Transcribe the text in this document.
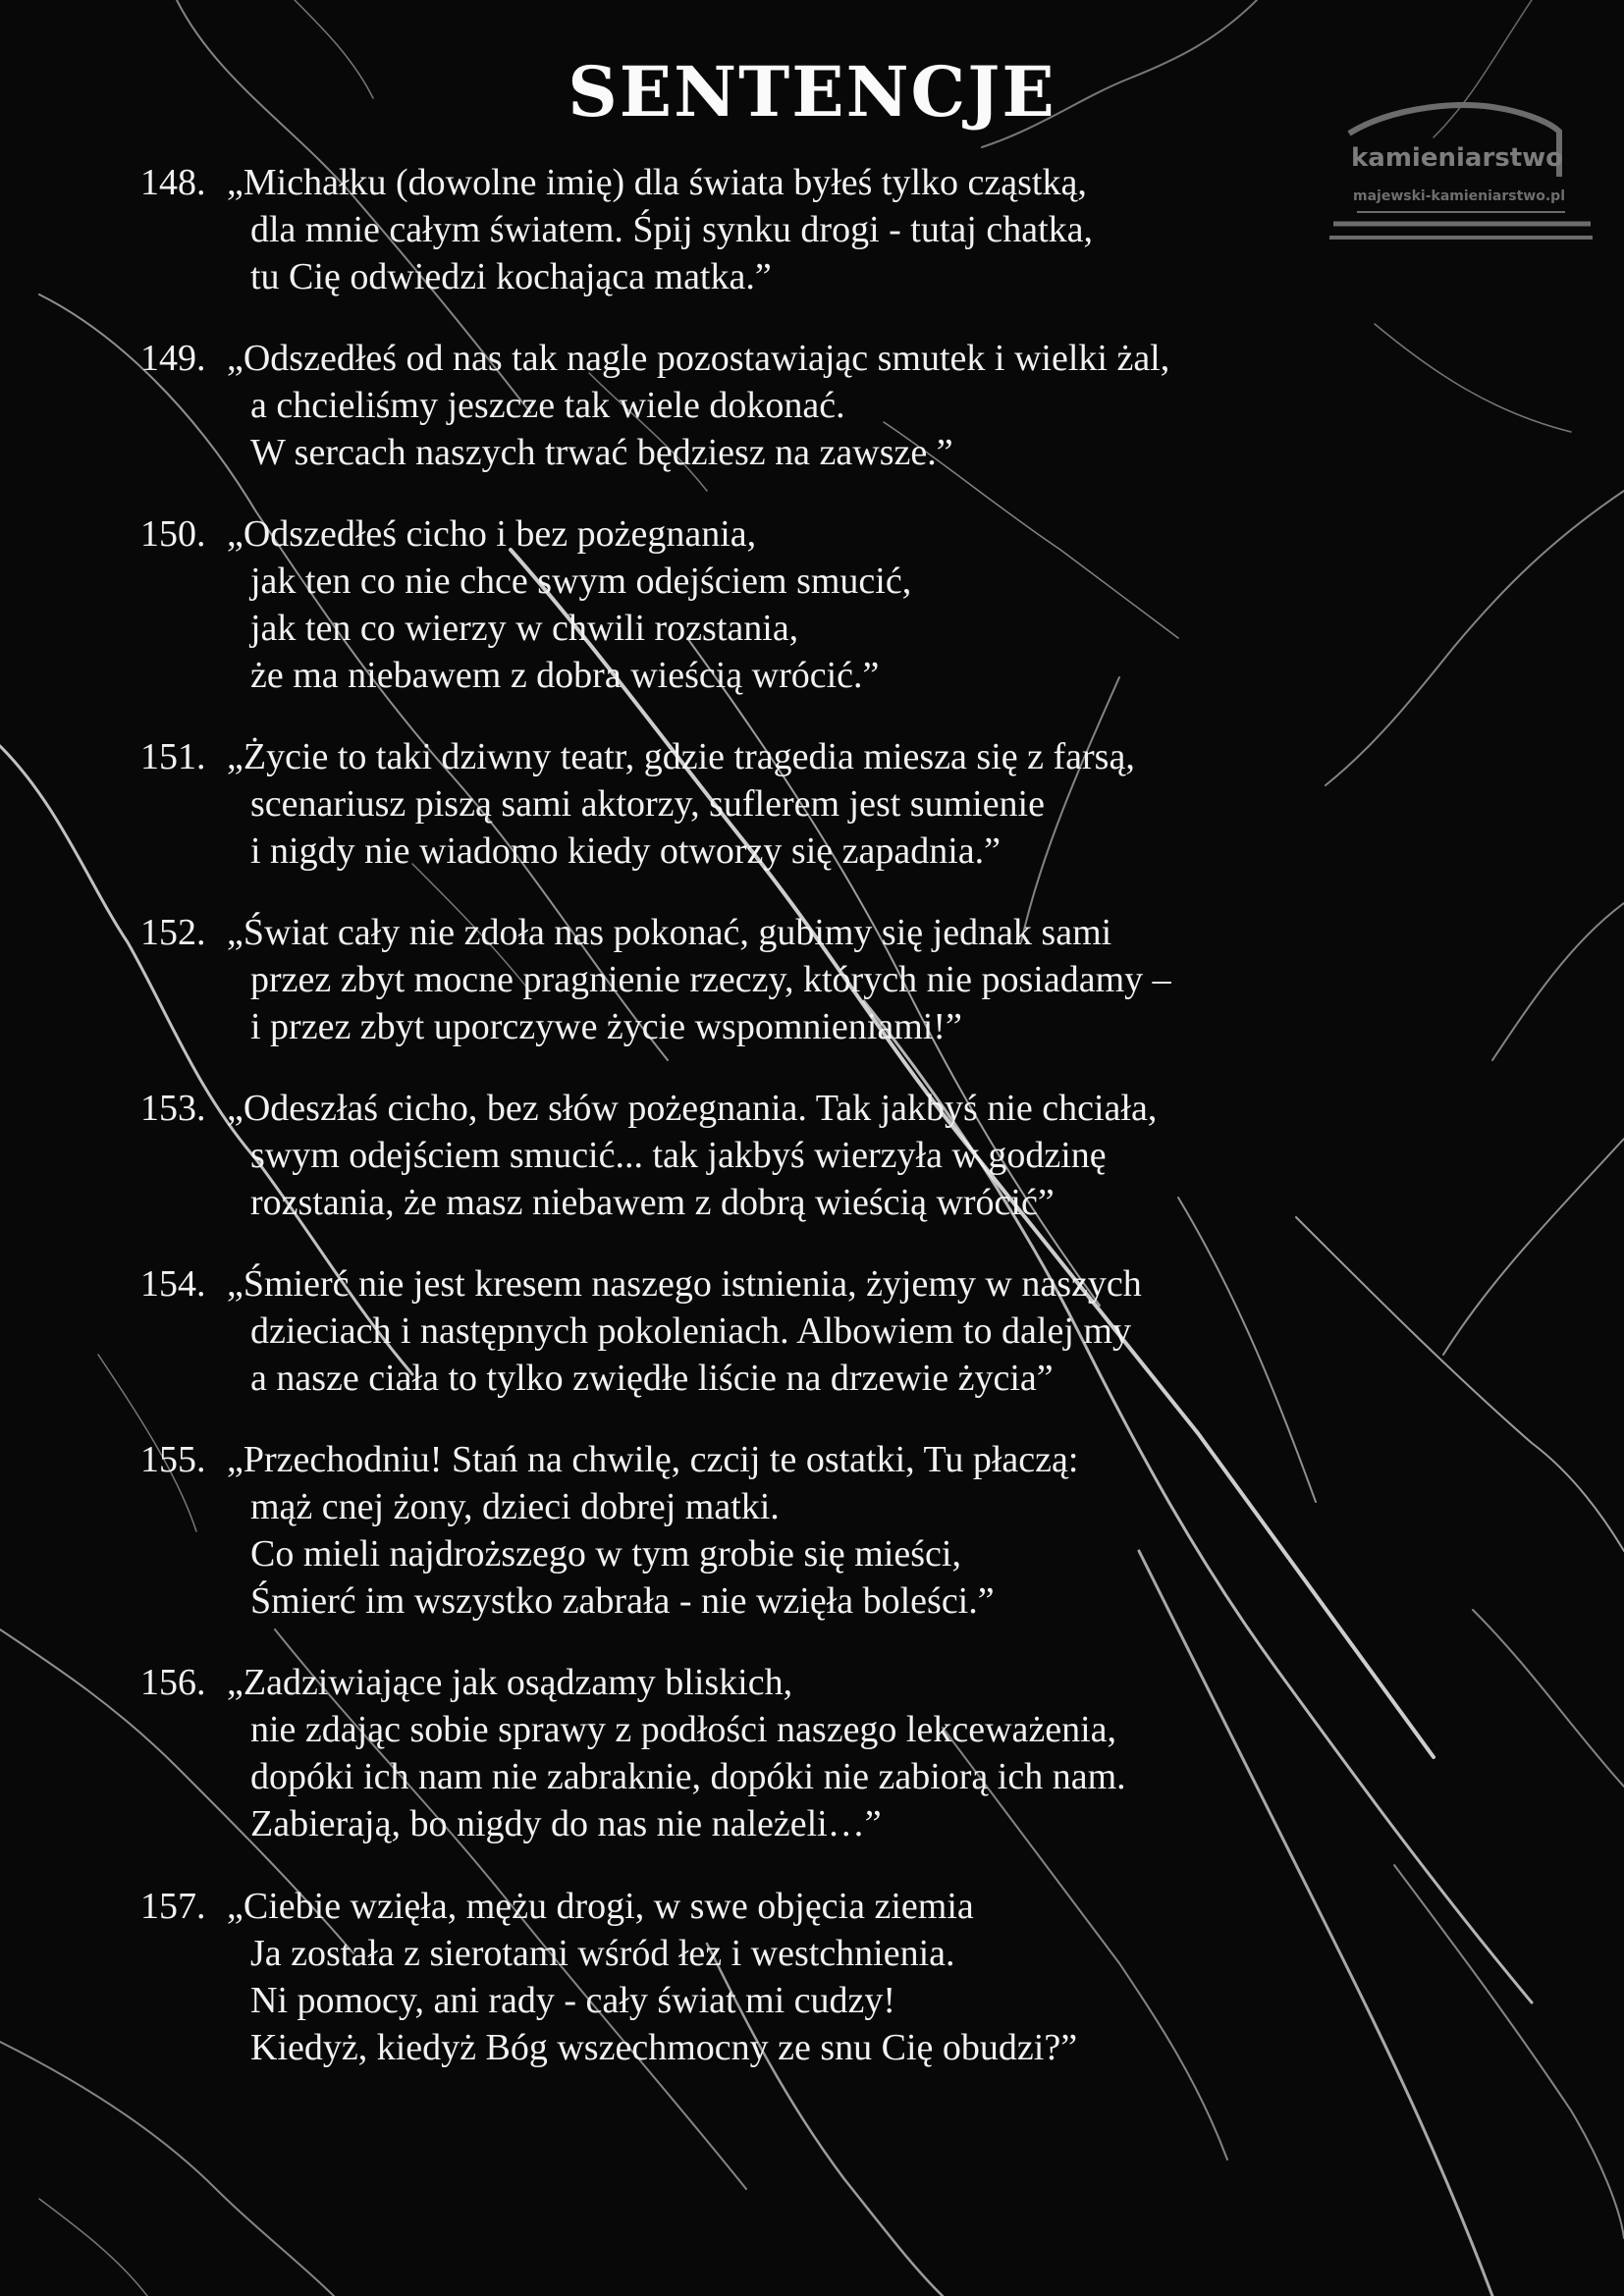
SENTENCJE
kamieniarstwo
majewski-kamieniarstwo.pl
148. „Michałku (dowolne imię) dla świata byłeś tylko cząstką,
dla mnie całym światem. Śpij synku drogi - tutaj chatka,
tu Cię odwiedzi kochająca matka.”
149. „Odszedłeś od nas tak nagle pozostawiając smutek i wielki żal,
a chcieliśmy jeszcze tak wiele dokonać.
W sercach naszych trwać będziesz na zawsze.”
150. „Odszedłeś cicho i bez pożegnania,
jak ten co nie chce swym odejściem smucić,
jak ten co wierzy w chwili rozstania,
że ma niebawem z dobra wieścią wrócić.”
151. „Życie to taki dziwny teatr, gdzie tragedia miesza się z farsą,
scenariusz piszą sami aktorzy, suflerem jest sumienie
i nigdy nie wiadomo kiedy otworzy się zapadnia.”
152. „Świat cały nie zdoła nas pokonać, gubimy się jednak sami
przez zbyt mocne pragnienie rzeczy, których nie posiadamy –
i przez zbyt uporczywe życie wspomnieniami!”
153. „Odeszłaś cicho, bez słów pożegnania. Tak jakbyś nie chciała,
swym odejściem smucić... tak jakbyś wierzyła w godzinę
rozstania, że masz niebawem z dobrą wieścią wrócić”
154. „Śmierć nie jest kresem naszego istnienia, żyjemy w naszych
dzieciach i następnych pokoleniach. Albowiem to dalej my
a nasze ciała to tylko zwiędłe liście na drzewie życia”
155. „Przechodniu! Stań na chwilę, czcij te ostatki, Tu płaczą:
mąż cnej żony, dzieci dobrej matki.
Co mieli najdroższego w tym grobie się mieści,
Śmierć im wszystko zabrała - nie wzięła boleści.”
156. „Zadziwiające jak osądzamy bliskich,
nie zdając sobie sprawy z podłości naszego lekceważenia,
dopóki ich nam nie zabraknie, dopóki nie zabiorą ich nam.
Zabierają, bo nigdy do nas nie należeli…”
157. „Ciebie wzięła, mężu drogi, w swe objęcia ziemia
Ja została z sierotami wśród łez i westchnienia.
Ni pomocy, ani rady - cały świat mi cudzy!
Kiedyż, kiedyż Bóg wszechmocny ze snu Cię obudzi?”
